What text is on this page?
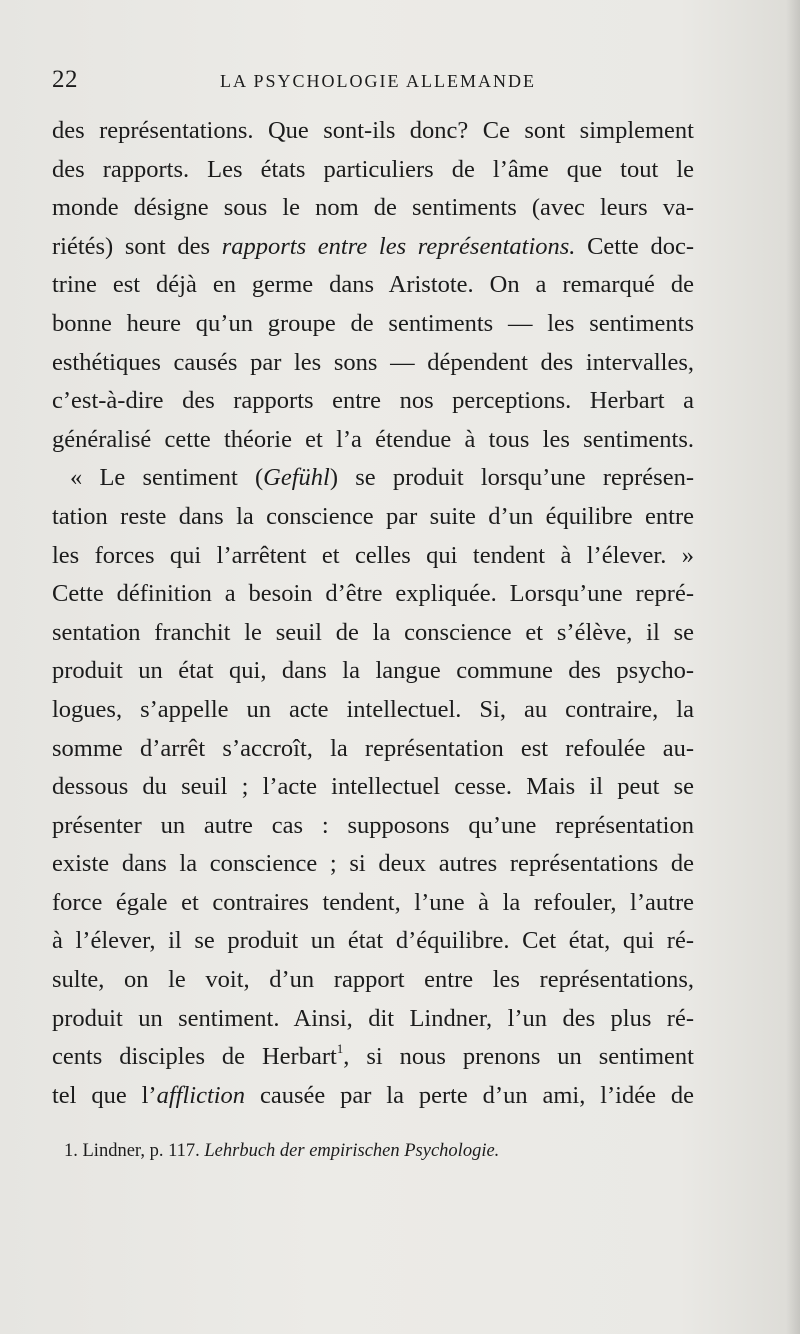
22	LA PSYCHOLOGIE ALLEMANDE
des représentations. Que sont-ils donc? Ce sont simplement
des rapports. Les états particuliers de l’âme que tout le
monde désigne sous le nom de sentiments (avec leurs va-
riétés) sont des rapports entre les représentations. Cette doc-
trine est déjà en germe dans Aristote. On a remarqué de
bonne heure qu’un groupe de sentiments — les sentiments
esthétiques causés par les sons — dépendent des intervalles,
c’est-à-dire des rapports entre nos perceptions. Herbart a
généralisé cette théorie et l’a étendue à tous les sentiments.
« Le sentiment (Gefühl) se produit lorsqu’une représen-
tation reste dans la conscience par suite d’un équilibre entre
les forces qui l’arrêtent et celles qui tendent à l’élever. »
Cette définition a besoin d’être expliquée. Lorsqu’une repré-
sentation franchit le seuil de la conscience et s’élève, il se
produit un état qui, dans la langue commune des psycho-
logues, s’appelle un acte intellectuel. Si, au contraire, la
somme d’arrêt s’accroît, la représentation est refoulée au-
dessous du seuil ; l’acte intellectuel cesse. Mais il peut se
présenter un autre cas : supposons qu’une représentation
existe dans la conscience ; si deux autres représentations de
force égale et contraires tendent, l’une à la refouler, l’autre
à l’élever, il se produit un état d’équilibre. Cet état, qui ré-
sulte, on le voit, d’un rapport entre les représentations,
produit un sentiment. Ainsi, dit Lindner, l’un des plus ré-
cents disciples de Herbart$^1$, si nous prenons un sentiment
tel que l’affliction causée par la perte d’un ami, l’idée de
1. Lindner, p. 117. Lehrbuch der empirischen Psychologie.
